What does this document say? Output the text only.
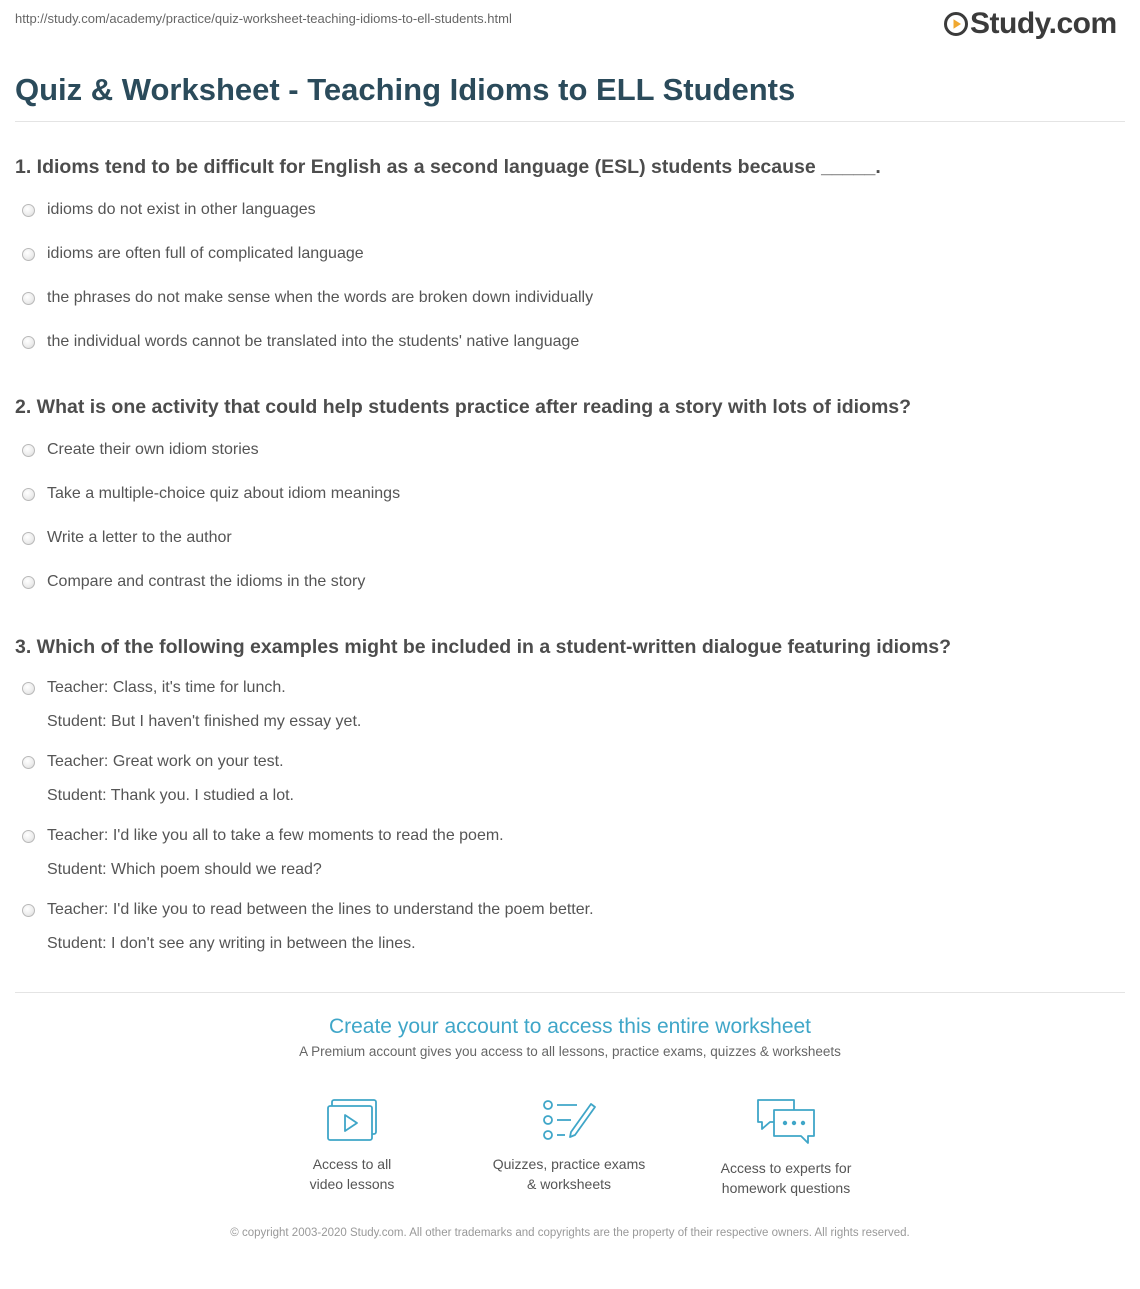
http://study.com/academy/practice/quiz-worksheet-teaching-idioms-to-ell-students.html	Study.com
Quiz & Worksheet - Teaching Idioms to ELL Students
1. Idioms tend to be difficult for English as a second language (ESL) students because _____.
idioms do not exist in other languages
idioms are often full of complicated language
the phrases do not make sense when the words are broken down individually
the individual words cannot be translated into the students' native language
2. What is one activity that could help students practice after reading a story with lots of idioms?
Create their own idiom stories
Take a multiple-choice quiz about idiom meanings
Write a letter to the author
Compare and contrast the idioms in the story
3. Which of the following examples might be included in a student-written dialogue featuring idioms?
Teacher: Class, it's time for lunch.
Student: But I haven't finished my essay yet.
Teacher: Great work on your test.
Student: Thank you. I studied a lot.
Teacher: I'd like you all to take a few moments to read the poem.
Student: Which poem should we read?
Teacher: I'd like you to read between the lines to understand the poem better.
Student: I don't see any writing in between the lines.
Create your account to access this entire worksheet
A Premium account gives you access to all lessons, practice exams, quizzes & worksheets
Access to all
video lessons
Quizzes, practice exams
& worksheets
Access to experts for
homework questions
© copyright 2003-2020 Study.com. All other trademarks and copyrights are the property of their respective owners. All rights reserved.
